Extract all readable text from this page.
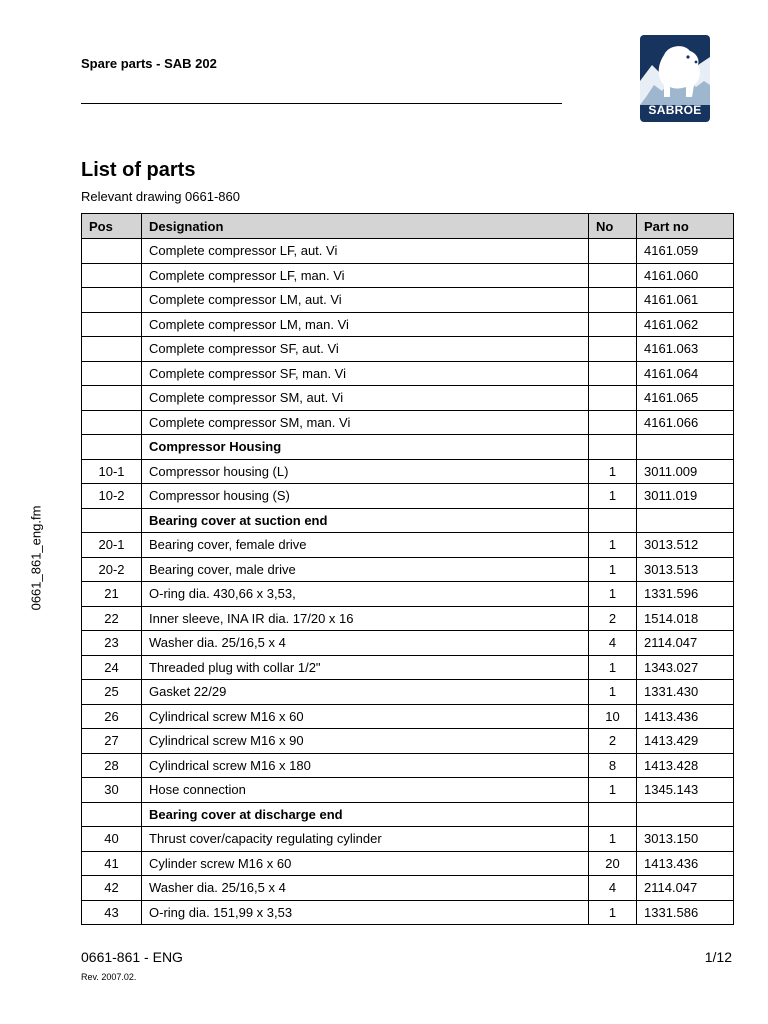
Spare parts - SAB 202
SABROE
0661_861_eng.fm
List of parts
Relevant drawing 0661-860
Pos	Designation	No	Part no
	Complete compressor LF, aut. Vi		4161.059
	Complete compressor LF, man. Vi		4161.060
	Complete compressor LM, aut. Vi		4161.061
	Complete compressor LM, man. Vi		4161.062
	Complete compressor SF, aut. Vi		4161.063
	Complete compressor SF, man. Vi		4161.064
	Complete compressor SM, aut. Vi		4161.065
	Complete compressor SM, man. Vi		4161.066
	Compressor Housing		
10-1	Compressor housing (L)	1	3011.009
10-2	Compressor housing (S)	1	3011.019
	Bearing cover at suction end		
20-1	Bearing cover, female drive	1	3013.512
20-2	Bearing cover, male drive	1	3013.513
21	O-ring dia. 430,66 x 3,53,	1	1331.596
22	Inner sleeve, INA IR dia. 17/20 x 16	2	1514.018
23	Washer dia. 25/16,5 x 4	4	2114.047
24	Threaded plug with collar 1/2"	1	1343.027
25	Gasket 22/29	1	1331.430
26	Cylindrical screw M16 x 60	10	1413.436
27	Cylindrical screw M16 x 90	2	1413.429
28	Cylindrical screw M16 x 180	8	1413.428
30	Hose connection	1	1345.143
	Bearing cover at discharge end		
40	Thrust cover/capacity regulating cylinder	1	3013.150
41	Cylinder screw M16 x 60	20	1413.436
42	Washer dia. 25/16,5 x 4	4	2114.047
43	O-ring dia. 151,99 x 3,53	1	1331.586
0661-861 - ENG	1/12
Rev. 2007.02.
